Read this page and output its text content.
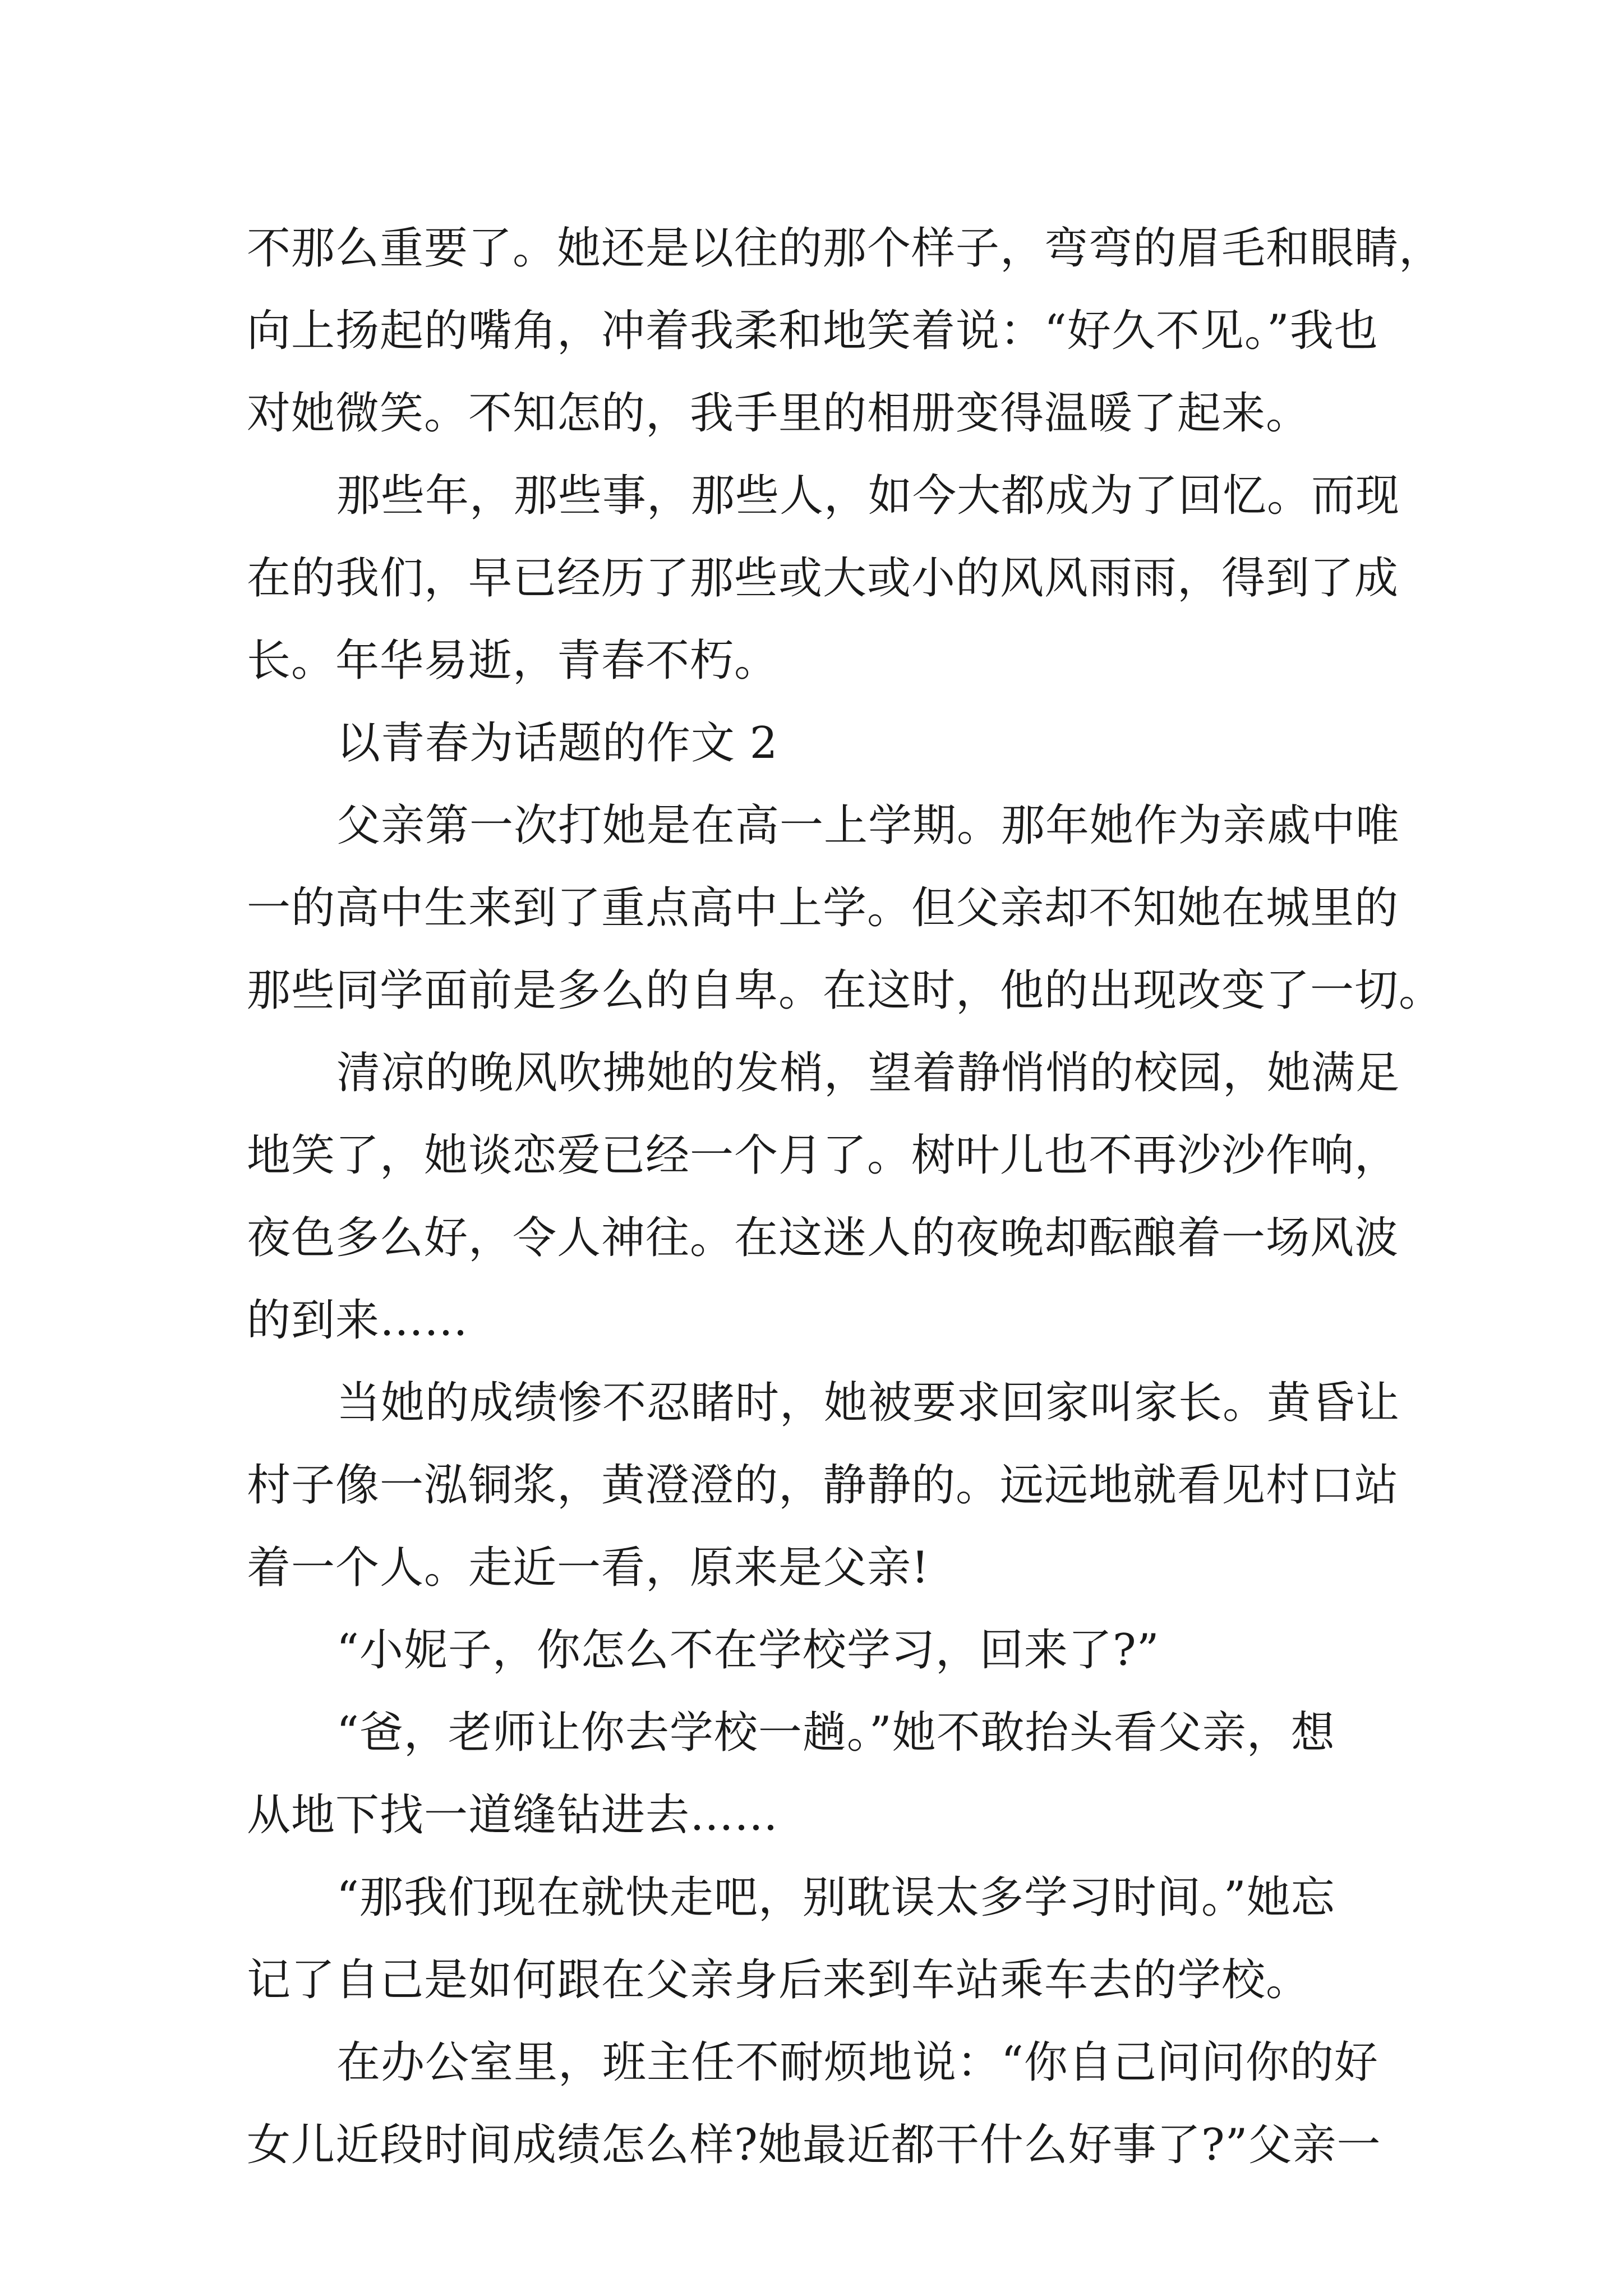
不那么重要了。她还是以往的那个样子，弯弯的眉毛和眼睛，
向上扬起的嘴角，冲着我柔和地笑着说：“好久不见。”我也
对她微笑。不知怎的，我手里的相册变得温暖了起来。
那些年，那些事，那些人，如今大都成为了回忆。而现
在的我们，早已经历了那些或大或小的风风雨雨，得到了成
长。年华易逝，青春不朽。
以青春为话题的作文 2
父亲第一次打她是在高一上学期。那年她作为亲戚中唯
一的高中生来到了重点高中上学。但父亲却不知她在城里的
那些同学面前是多么的自卑。在这时，他的出现改变了一切。
清凉的晚风吹拂她的发梢，望着静悄悄的校园，她满足
地笑了，她谈恋爱已经一个月了。树叶儿也不再沙沙作响，
夜色多么好，令人神往。在这迷人的夜晚却酝酿着一场风波
的到来……
当她的成绩惨不忍睹时，她被要求回家叫家长。黄昏让
村子像一泓铜浆，黄澄澄的，静静的。远远地就看见村口站
着一个人。走近一看，原来是父亲!
“小妮子，你怎么不在学校学习，回来了?”
“爸，老师让你去学校一趟。”她不敢抬头看父亲，想
从地下找一道缝钻进去……
“那我们现在就快走吧，别耽误太多学习时间。”她忘
记了自己是如何跟在父亲身后来到车站乘车去的学校。
在办公室里，班主任不耐烦地说：“你自己问问你的好
女儿近段时间成绩怎么样?她最近都干什么好事了?”父亲一
